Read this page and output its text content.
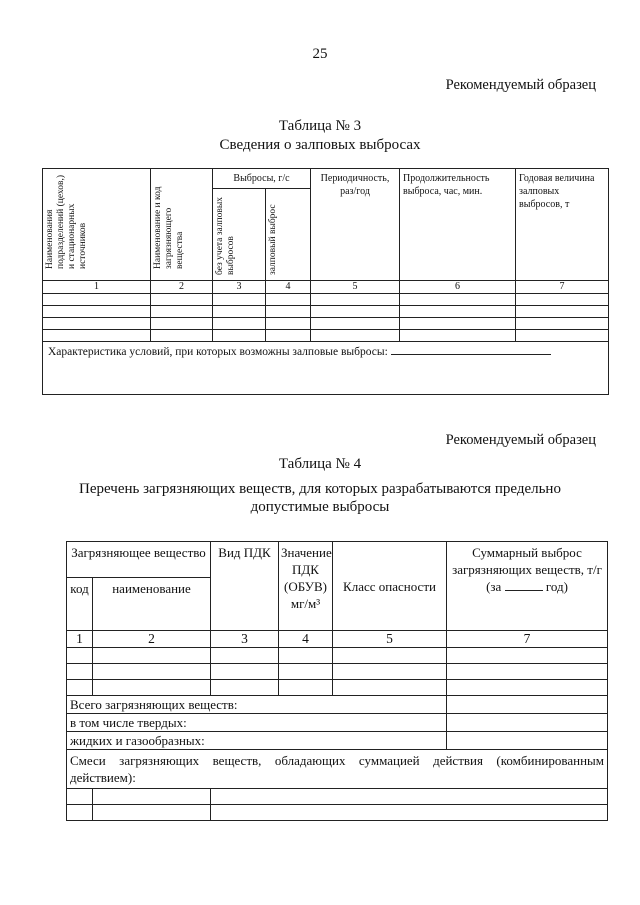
25
Рекомендуемый образец
Таблица № 3
Сведения о залповых выбросах
Наименования подразделений (цехов,) и стационарных источников	Наименование и код загрязняющего вещества	Выбросы, г/с		Периодичность, раз/год	Продолжительность выброса, час, мин.	Годовая величина залповых выбросов, т

		без учета залповых выбросов	залповый выброс			

1	2	3	4	5	6	7

Характеристика условий, при которых возможны залповые выбросы:						
Рекомендуемый образец
Таблица № 4
Перечень загрязняющих веществ, для которых разрабатываются предельно
допустимые выбросы
Загрязняющее вещество		Вид ПДК	Значение ПДК (ОБУВ) мг/м³	Класс опасности	Суммарный выброс загрязняющих веществ, т/г
(за год)

код	наименование				
1	2	3	4	5	7

Всего загрязняющих веществ:					
в том числе твердых:					
жидких и газообразных:					

Смеси загрязняющих веществ, обладающих суммацией действия (комбинированным действием):					
